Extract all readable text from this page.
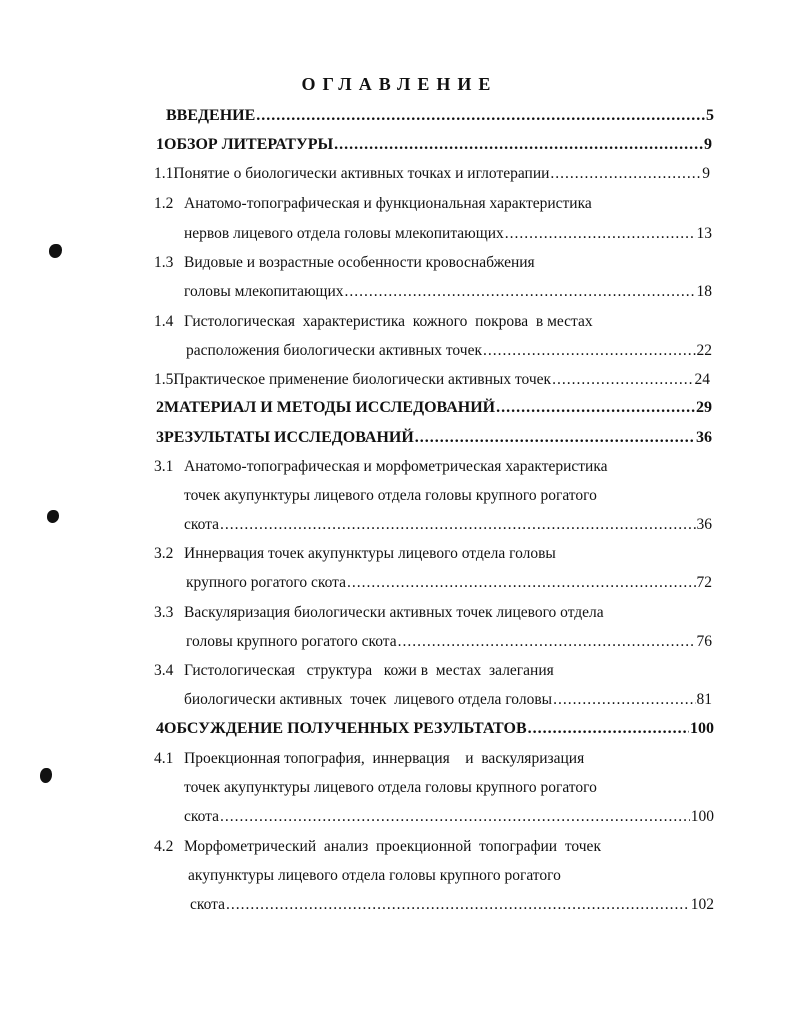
ОГЛАВЛЕНИЕ
ВВЕДЕНИЕ .....	5
1 ОБЗОР ЛИТЕРАТУРЫ .....	9
1.1 Понятие о биологически активных точках и иглотерапии .....	9
1.2 Анатомо-топографическая и функциональная характеристика
нервов лицевого отдела головы млекопитающих .....	13
1.3 Видовые и возрастные особенности кровоснабжения
головы млекопитающих .....	18
1.4 Гистологическая  характеристика  кожного  покрова  в местах
расположения биологически активных точек .....	22
1.5 Практическое применение биологически активных точек .....	24
2 МАТЕРИАЛ И МЕТОДЫ ИССЛЕДОВАНИЙ .....	29
3 РЕЗУЛЬТАТЫ ИССЛЕДОВАНИЙ .....	36
3.1 Анатомо-топографическая и морфометрическая характеристика
точек акупунктуры лицевого отдела головы крупного рогатого
скота .....	36
3.2 Иннервация точек акупунктуры лицевого отдела головы
крупного рогатого скота .....	72
3.3 Васкуляризация биологически активных точек лицевого отдела
головы крупного рогатого скота .....	76
3.4 Гистологическая   структура   кожи в  местах  залегания
биологически активных  точек  лицевого отдела головы .....	81
4 ОБСУЖДЕНИЕ ПОЛУЧЕННЫХ РЕЗУЛЬТАТОВ .....	100
4.1 Проекционная топография,  иннервация    и  васкуляризация
точек акупунктуры лицевого отдела головы крупного рогатого
скота .....	100
4.2 Морфометрический  анализ  проекционной  топографии  точек
акупунктуры лицевого отдела головы крупного рогатого
скота .....	102
